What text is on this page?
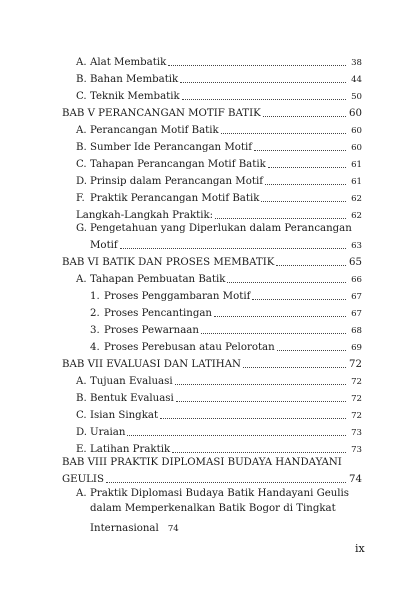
A. Alat Membatik	38
B. Bahan Membatik	44
C. Teknik Membatik	50
BAB V PERANCANGAN MOTIF BATIK	60
A. Perancangan Motif Batik	60
B. Sumber Ide Perancangan Motif	60
C. Tahapan Perancangan Motif Batik	61
D. Prinsip dalam Perancangan Motif	61
F. Praktik Perancangan Motif Batik	62
Langkah-Langkah Praktik:	62
G. Pengetahuan yang Diperlukan dalam Perancangan
Motif	63
BAB VI BATIK DAN PROSES MEMBATIK	65
A. Tahapan Pembuatan Batik	66
1. Proses Penggambaran Motif	67
2. Proses Pencantingan	67
3. Proses Pewarnaan	68
4. Proses Perebusan atau Pelorotan	69
BAB VII EVALUASI DAN LATIHAN	72
A. Tujuan Evaluasi	72
B. Bentuk Evaluasi	72
C. Isian Singkat	72
D. Uraian	73
E. Latihan Praktik	73
BAB VIII PRAKTIK DIPLOMASI BUDAYA HANDAYANI
GEULIS	74
A. Praktik Diplomasi Budaya Batik Handayani Geulis
dalam Memperkenalkan Batik Bogor di Tingkat
Internasional 74
ix
